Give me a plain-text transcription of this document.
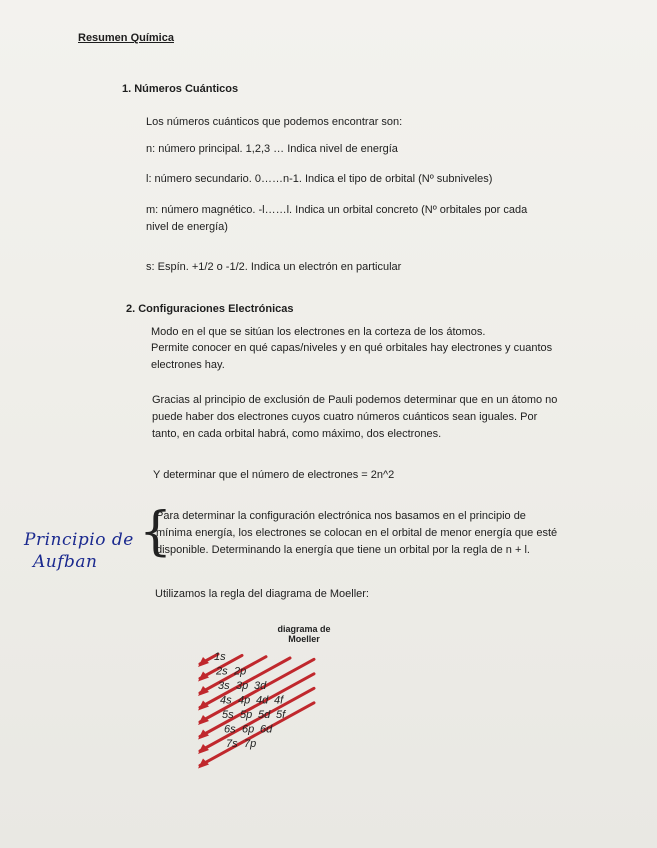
Resumen Química
1. Números Cuánticos
Los números cuánticos que podemos encontrar son:
n: número principal. 1,2,3 … Indica nivel de energía
l: número secundario. 0……n-1. Indica el tipo de orbital (Nº subniveles)
m: número magnético. -l……l. Indica un orbital concreto (Nº orbitales por cada
nivel de energía)
s: Espín. +1/2 o -1/2. Indica un electrón en particular
2. Configuraciones Electrónicas
Modo en el que se sitúan los electrones en la corteza de los átomos.
Permite conocer en qué capas/niveles y en qué orbitales hay electrones y cuantos
electrones hay.
Gracias al principio de exclusión de Pauli podemos determinar que en un átomo no
puede haber dos electrones cuyos cuatro números cuánticos sean iguales. Por
tanto, en cada orbital habrá, como máximo, dos electrones.
Y determinar que el número de electrones = 2n^2
{
Para determinar la configuración electrónica nos basamos en el principio de
mínima energía, los electrones se colocan en el orbital de menor energía que esté
disponible. Determinando la energía que tiene un orbital por la regla de n + l.
Principio de
Aufban
Utilizamos la regla del diagrama de Moeller:
diagrama de
Moeller
1s
2s 2p
3s 3p 3d
4s 4p 4d 4f
5s 5p 5d 5f
6s 6p 6d
7s 7p
